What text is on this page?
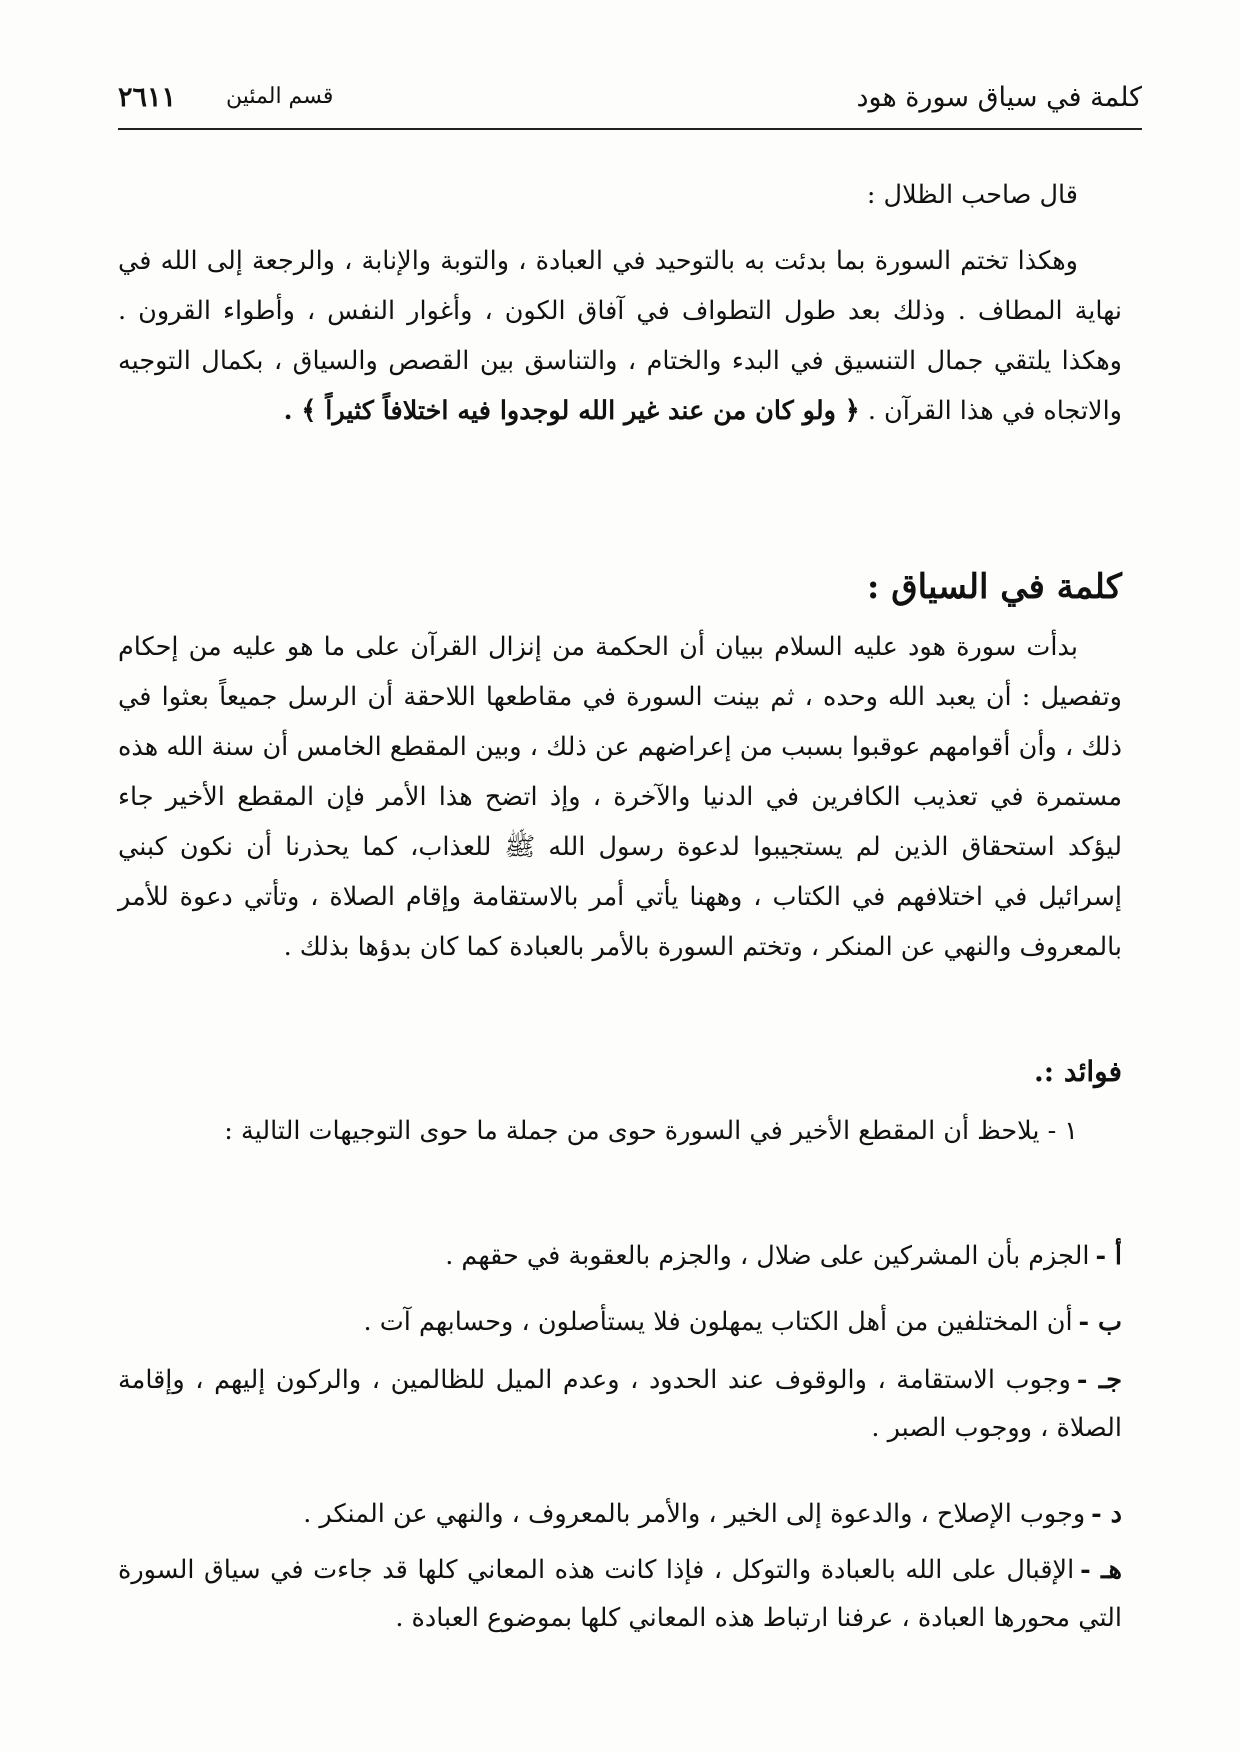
كلمة في سياق سورة هود
قسم المئين
٢٦١١

قال صاحب الظلال :

وهكذا تختم السورة بما بدئت به بالتوحيد في العبادة ، والتوبة والإنابة ، والرجعة إلى الله في نهاية المطاف . وذلك بعد طول التطواف في آفاق الكون ، وأغوار النفس ، وأطواء القرون . وهكذا يلتقي جمال التنسيق في البدء والختام ، والتناسق بين القصص والسياق ، بكمال التوجيه والاتجاه في هذا القرآن . ﴿ ولو كان من عند غير الله لوجدوا فيه اختلافاً كثيراً ﴾ .

كلمة في السياق :

بدأت سورة هود عليه السلام ببيان أن الحكمة من إنزال القرآن على ما هو عليه من إحكام وتفصيل : أن يعبد الله وحده ، ثم بينت السورة في مقاطعها اللاحقة أن الرسل جميعاً بعثوا في ذلك ، وأن أقوامهم عوقبوا بسبب من إعراضهم عن ذلك ، وبين المقطع الخامس أن سنة الله هذه مستمرة في تعذيب الكافرين في الدنيا والآخرة ، وإذ اتضح هذا الأمر فإن المقطع الأخير جاء ليؤكد استحقاق الذين لم يستجيبوا لدعوة رسول الله ﷺ للعذاب، كما يحذرنا أن نكون كبني إسرائيل في اختلافهم في الكتاب ، وههنا يأتي أمر بالاستقامة وإقام الصلاة ، وتأتي دعوة للأمر بالمعروف والنهي عن المنكر ، وتختم السورة بالأمر بالعبادة كما كان بدؤها بذلك .

فوائد :.

١ - يلاحظ أن المقطع الأخير في السورة حوى من جملة ما حوى التوجيهات التالية :

أ -الجزم بأن المشركين على ضلال ، والجزم بالعقوبة في حقهم .

ب -أن المختلفين من أهل الكتاب يمهلون فلا يستأصلون ، وحسابهم آت .

جـ -وجوب الاستقامة ، والوقوف عند الحدود ، وعدم الميل للظالمين ، والركون إليهم ، وإقامة الصلاة ، ووجوب الصبر .

د -وجوب الإصلاح ، والدعوة إلى الخير ، والأمر بالمعروف ، والنهي عن المنكر .

هـ -الإقبال على الله بالعبادة والتوكل ، فإذا كانت هذه المعاني كلها قد جاءت في سياق السورة التي محورها العبادة ، عرفنا ارتباط هذه المعاني كلها بموضوع العبادة .
